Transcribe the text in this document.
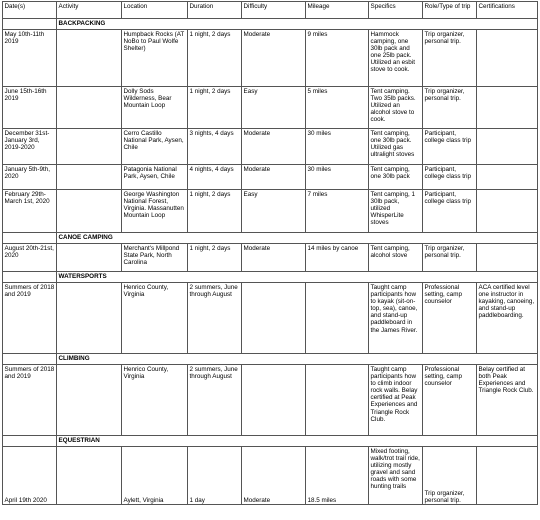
Date(s)	Activity	Location	Duration	Difficulty	Mileage	Specifics	Role/Type of trip	Certifications
	BACKPACKING							
May 10th-11th 2019		Humpback Rocks (AT NoBo to Paul Wolfe Shelter)	1 night, 2 days	Moderate	9 miles	Hammock camping, one 30lb pack and one 25lb pack. Utilized an esbit stove to cook.	Trip organizer, personal trip.	
June 15th-16th 2019		Dolly Sods Wilderness, Bear Mountain Loop	1 night, 2 days	Easy	5 miles	Tent camping. Two 35lb packs. Utilized an alcohol stove to cook.	Trip organizer, personal trip.	
December 31st-January 3rd, 2019-2020		Cerro Castillo National Park, Aysen, Chile	3 nights, 4 days	Moderate	30 miles	Tent camping, one 30lb pack. Utilized gas ultralight stoves	Participant, college class trip	
January 5th-9th, 2020		Patagonia National Park, Aysen, Chile	4 nights, 4 days	Moderate	30 miles	Tent camping, one 30lb pack	Participant, college class trip	
February 29th-March 1st, 2020		George Washington National Forest, Virginia. Massanutten Mountain Loop	1 night, 2 days	Easy	7 miles	Tent camping, 1 30lb pack, utilized WhisperLite stoves	Participant, college class trip	
	CANOE CAMPING							
August 20th-21st, 2020		Merchant's Millpond State Park, North Carolina	1 night, 2 days	Moderate	14 miles by canoe	Tent camping, alcohol stove	Trip organizer, personal trip.	
	WATERSPORTS							
Summers of 2018 and 2019		Henrico County, Virginia	2 summers, June through August			Taught camp participants how to kayak (sit-on-top, sea), canoe, and stand-up paddleboard in the James River.	Professional setting, camp counselor	ACA certified level one instructor in kayaking, canoeing, and stand-up paddleboarding.
	CLIMBING							
Summers of 2018 and 2019		Henrico County, Virginia	2 summers, June through August			Taught camp participants how to climb indoor rock walls. Belay certified at Peak Experiences and Triangle Rock Club.	Professional setting, camp counselor	Belay certified at both Peak Experiences and Triangle Rock Club.
	EQUESTRIAN							
April 19th 2020		Aylett, Virginia	1 day	Moderate	18.5 miles	Mixed footing, walk/trot trail ride, utilizing mostly gravel and sand roads with some hunting trails	Trip organizer, personal trip.	
